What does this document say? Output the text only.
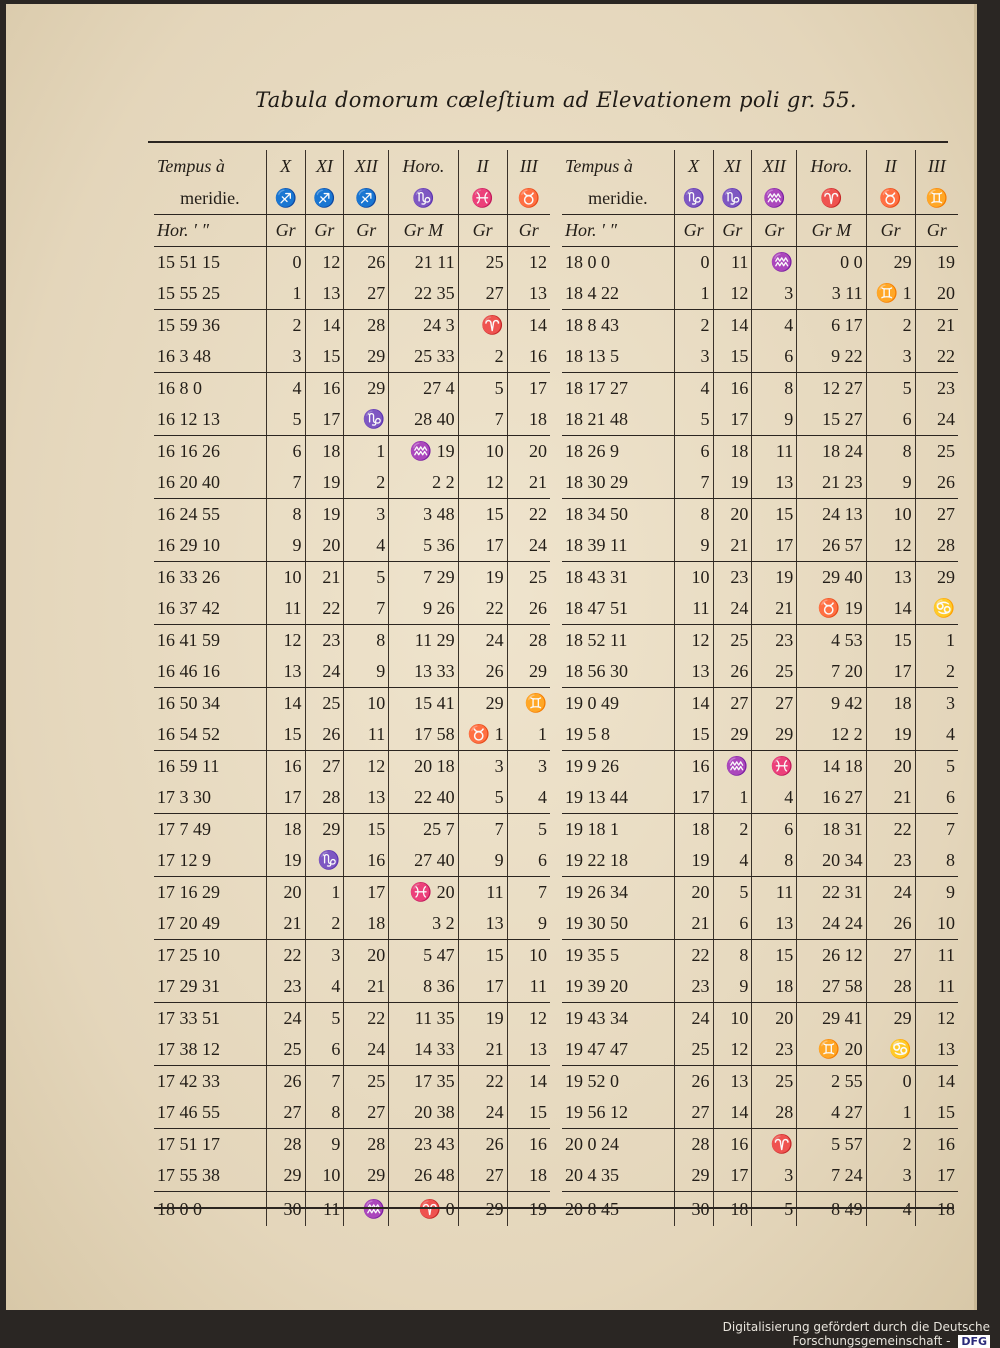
Tabula domorum cæleſtium ad Elevationem poli gr. 55.
Tempus à	X	XI	XII	Horo.	II	III
meridie.	♐	♐	♐	♑	♓	♉
Hor. ′ ″	Gr	Gr	Gr	Gr M	Gr	Gr
15 51 15	0	12	26	21 11	25	12
15 55 25	1	13	27	22 35	27	13
15 59 36	2	14	28	24 3	♈	14
16 3 48	3	15	29	25 33	2	16
16 8 0	4	16	29	27 4	5	17
16 12 13	5	17	♑	28 40	7	18
16 16 26	6	18	1	♒ 19	10	20
16 20 40	7	19	2	2 2	12	21
16 24 55	8	19	3	3 48	15	22
16 29 10	9	20	4	5 36	17	24
16 33 26	10	21	5	7 29	19	25
16 37 42	11	22	7	9 26	22	26
16 41 59	12	23	8	11 29	24	28
16 46 16	13	24	9	13 33	26	29
16 50 34	14	25	10	15 41	29	♊
16 54 52	15	26	11	17 58	♉ 1	1
16 59 11	16	27	12	20 18	3	3
17 3 30	17	28	13	22 40	5	4
17 7 49	18	29	15	25 7	7	5
17 12 9	19	♑	16	27 40	9	6
17 16 29	20	1	17	♓ 20	11	7
17 20 49	21	2	18	3 2	13	9
17 25 10	22	3	20	5 47	15	10
17 29 31	23	4	21	8 36	17	11
17 33 51	24	5	22	11 35	19	12
17 38 12	25	6	24	14 33	21	13
17 42 33	26	7	25	17 35	22	14
17 46 55	27	8	27	20 38	24	15
17 51 17	28	9	28	23 43	26	16
17 55 38	29	10	29	26 48	27	18
18 0 0	30	11	♒	♈ 0	29	19
Tempus à	X	XI	XII	Horo.	II	III
meridie.	♑	♑	♒	♈	♉	♊
Hor. ′ ″	Gr	Gr	Gr	Gr M	Gr	Gr
18 0 0	0	11	♒	0 0	29	19
18 4 22	1	12	3	3 11	♊ 1	20
18 8 43	2	14	4	6 17	2	21
18 13 5	3	15	6	9 22	3	22
18 17 27	4	16	8	12 27	5	23
18 21 48	5	17	9	15 27	6	24
18 26 9	6	18	11	18 24	8	25
18 30 29	7	19	13	21 23	9	26
18 34 50	8	20	15	24 13	10	27
18 39 11	9	21	17	26 57	12	28
18 43 31	10	23	19	29 40	13	29
18 47 51	11	24	21	♉ 19	14	♋
18 52 11	12	25	23	4 53	15	1
18 56 30	13	26	25	7 20	17	2
19 0 49	14	27	27	9 42	18	3
19 5 8	15	29	29	12 2	19	4
19 9 26	16	♒	♓	14 18	20	5
19 13 44	17	1	4	16 27	21	6
19 18 1	18	2	6	18 31	22	7
19 22 18	19	4	8	20 34	23	8
19 26 34	20	5	11	22 31	24	9
19 30 50	21	6	13	24 24	26	10
19 35 5	22	8	15	26 12	27	11
19 39 20	23	9	18	27 58	28	11
19 43 34	24	10	20	29 41	29	12
19 47 47	25	12	23	♊ 20	♋	13
19 52 0	26	13	25	2 55	0	14
19 56 12	27	14	28	4 27	1	15
20 0 24	28	16	♈	5 57	2	16
20 4 35	29	17	3	7 24	3	17
20 8 45	30	18	5	8 49	4	18
Digitalisierung gefördert durch die Deutsche Forschungsgemeinschaft - DFG
